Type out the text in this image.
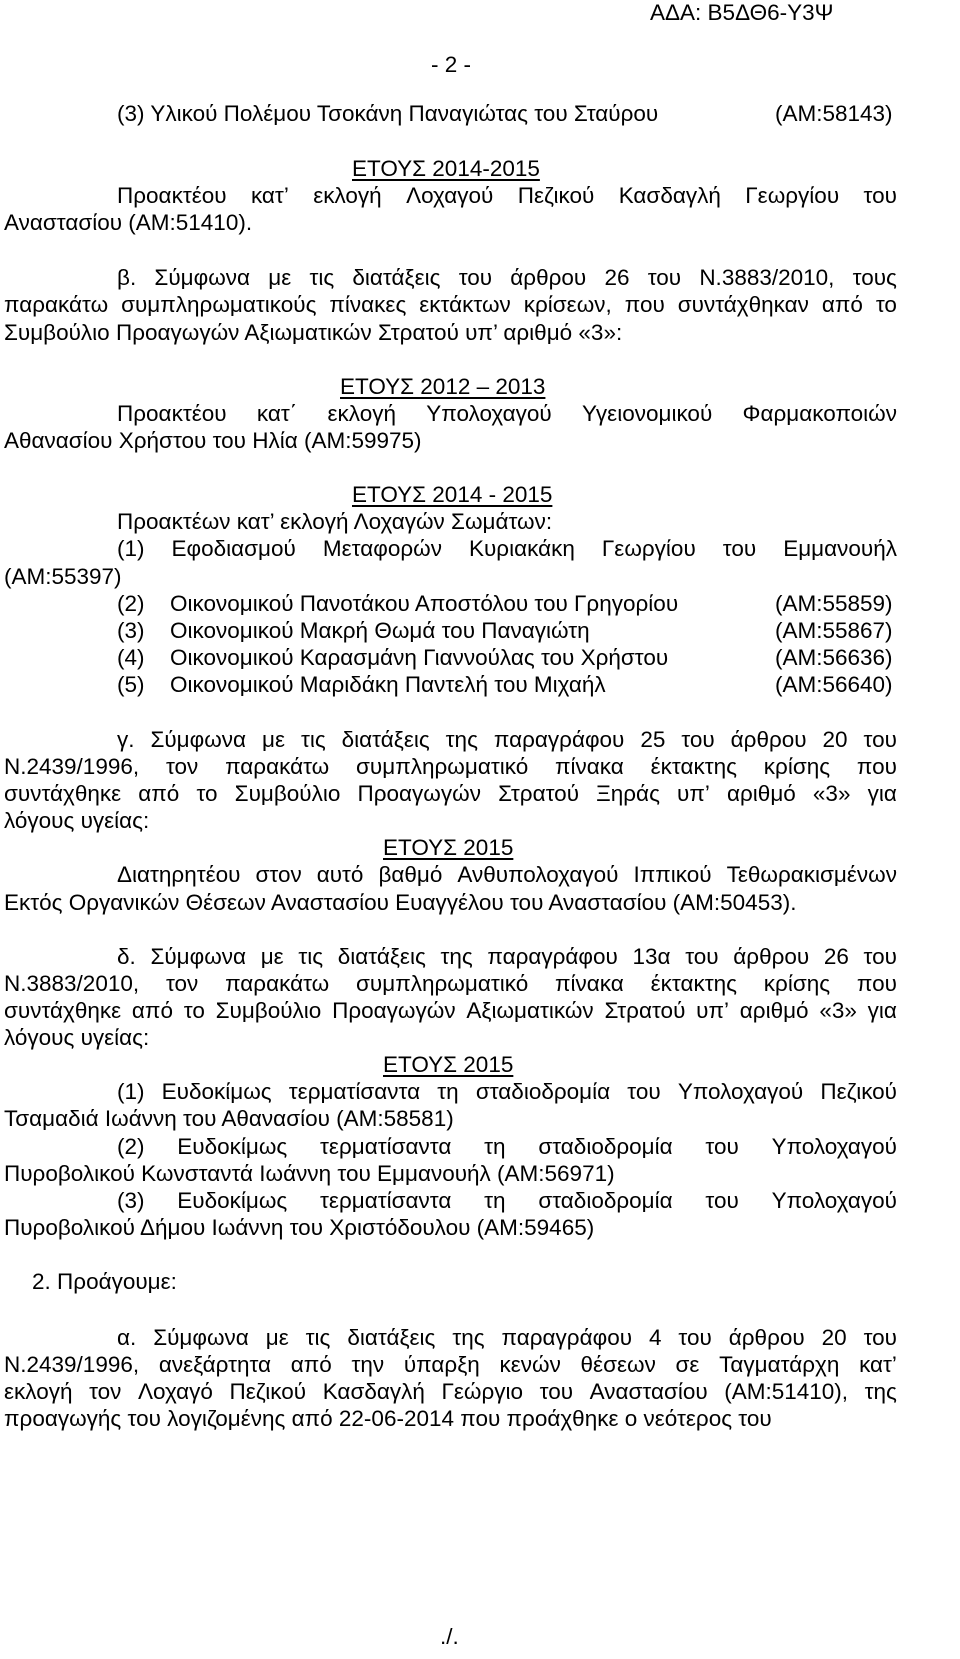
ΑΔΑ: Β5ΔΘ6-Υ3Ψ
- 2 -
(3) Υλικού Πολέμου Τσοκάνη Παναγιώτας του Σταύρου	(ΑΜ:58143)
ΕΤΟΥΣ 2014-2015
Προακτέου κατ’ εκλογή Λοχαγού Πεζικού Κασδαγλή Γεωργίου του
Αναστασίου (ΑΜ:51410).
β. Σύμφωνα με τις διατάξεις του άρθρου 26 του Ν.3883/2010, τους
παρακάτω συμπληρωματικούς πίνακες εκτάκτων κρίσεων, που συντάχθηκαν από το
Συμβούλιο Προαγωγών Αξιωματικών Στρατού υπ’ αριθμό «3»:
ΕΤΟΥΣ 2012 – 2013
Προακτέου κατ΄ εκλογή Υπολοχαγού Υγειονομικού Φαρμακοποιών
Αθανασίου Χρήστου του Ηλία (ΑΜ:59975)
ΕΤΟΥΣ 2014 - 2015
Προακτέων κατ’ εκλογή Λοχαγών Σωμάτων:
(1) Εφοδιασμού Μεταφορών Κυριακάκη Γεωργίου του Εμμανουήλ
(ΑΜ:55397)
(2) Οικονομικού Πανοτάκου Αποστόλου του Γρηγορίου	(ΑΜ:55859)
(3) Οικονομικού Μακρή Θωμά του Παναγιώτη	(ΑΜ:55867)
(4) Οικονομικού Καρασμάνη Γιαννούλας του Χρήστου	(ΑΜ:56636)
(5) Οικονομικού Μαριδάκη Παντελή του Μιχαήλ	(ΑΜ:56640)
γ. Σύμφωνα με τις διατάξεις της παραγράφου 25 του άρθρου 20 του
Ν.2439/1996, τον παρακάτω συμπληρωματικό πίνακα έκτακτης κρίσης που
συντάχθηκε από το Συμβούλιο Προαγωγών Στρατού Ξηράς υπ’ αριθμό «3» για
λόγους υγείας:
ΕΤΟΥΣ 2015
Διατηρητέου στον αυτό βαθμό Ανθυπολοχαγού Ιππικού Τεθωρακισμένων
Εκτός Οργανικών Θέσεων Αναστασίου Ευαγγέλου του Αναστασίου (ΑΜ:50453).
δ. Σύμφωνα με τις διατάξεις της παραγράφου 13α του άρθρου 26 του
Ν.3883/2010, τον παρακάτω συμπληρωματικό πίνακα έκτακτης κρίσης που
συντάχθηκε από το Συμβούλιο Προαγωγών Αξιωματικών Στρατού υπ’ αριθμό «3» για
λόγους υγείας:
ΕΤΟΥΣ 2015
(1) Ευδοκίμως τερματίσαντα τη σταδιοδρομία του Υπολοχαγού Πεζικού
Τσαμαδιά Ιωάννη του Αθανασίου (ΑΜ:58581)
(2) Ευδοκίμως τερματίσαντα τη σταδιοδρομία του Υπολοχαγού
Πυροβολικού Κωνσταντά Ιωάννη του Εμμανουήλ (ΑΜ:56971)
(3) Ευδοκίμως τερματίσαντα τη σταδιοδρομία του Υπολοχαγού
Πυροβολικού Δήμου Ιωάννη του Χριστόδουλου (ΑΜ:59465)
2. Προάγουμε:
α. Σύμφωνα με τις διατάξεις της παραγράφου 4 του άρθρου 20 του
Ν.2439/1996, ανεξάρτητα από την ύπαρξη κενών θέσεων σε Ταγματάρχη κατ’
εκλογή τον Λοχαγό Πεζικού Κασδαγλή Γεώργιο του Αναστασίου (ΑΜ:51410), της
προαγωγής του λογιζομένης από 22-06-2014 που προάχθηκε ο νεότερος του
./.
